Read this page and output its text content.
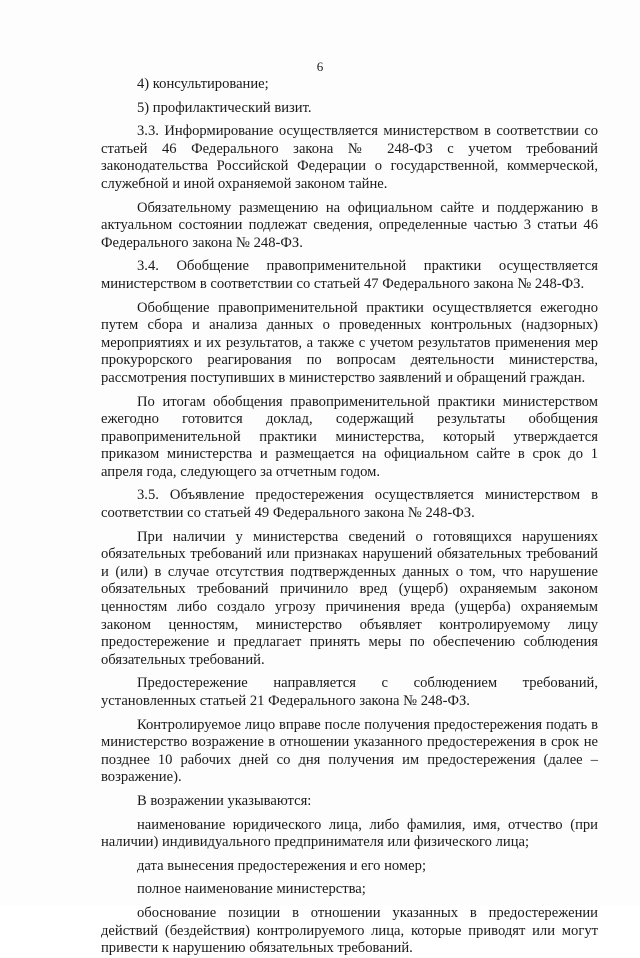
6

4) консультирование;

5) профилактический визит.

3.3. Информирование осуществляется министерством в соответствии со статьей 46 Федерального закона № 248-ФЗ с учетом требований законодательства Российской Федерации о государственной, коммерческой, служебной и иной охраняемой законом тайне.

Обязательному размещению на официальном сайте и поддержанию в актуальном состоянии подлежат сведения, определенные частью 3 статьи 46 Федерального закона № 248-ФЗ.

3.4. Обобщение правоприменительной практики осуществляется министерством в соответствии со статьей 47 Федерального закона № 248-ФЗ.

Обобщение правоприменительной практики осуществляется ежегодно путем сбора и анализа данных о проведенных контрольных (надзорных) мероприятиях и их результатов, а также с учетом результатов применения мер прокурорского реагирования по вопросам деятельности министерства, рассмотрения поступивших в министерство заявлений и обращений граждан.

По итогам обобщения правоприменительной практики министерством ежегодно готовится доклад, содержащий результаты обобщения правоприменительной практики министерства, который утверждается приказом министерства и размещается на официальном сайте в срок до 1 апреля года, следующего за отчетным годом.

3.5. Объявление предостережения осуществляется министерством в соответствии со статьей 49 Федерального закона № 248-ФЗ.

При наличии у министерства сведений о готовящихся нарушениях обязательных требований или признаках нарушений обязательных требований и (или) в случае отсутствия подтвержденных данных о том, что нарушение обязательных требований причинило вред (ущерб) охраняемым законом ценностям либо создало угрозу причинения вреда (ущерба) охраняемым законом ценностям, министерство объявляет контролируемому лицу предостережение и предлагает принять меры по обеспечению соблюдения обязательных требований.

Предостережение направляется с соблюдением требований, установленных статьей 21 Федерального закона № 248-ФЗ.

Контролируемое лицо вправе после получения предостережения подать в министерство возражение в отношении указанного предостережения в срок не позднее 10 рабочих дней со дня получения им предостережения (далее – возражение).

В возражении указываются:

наименование юридического лица, либо фамилия, имя, отчество (при наличии) индивидуального предпринимателя или физического лица;

дата вынесения предостережения и его номер;

полное наименование министерства;

обоснование позиции в отношении указанных в предостережении действий (бездействия) контролируемого лица, которые приводят или могут привести к нарушению обязательных требований.
